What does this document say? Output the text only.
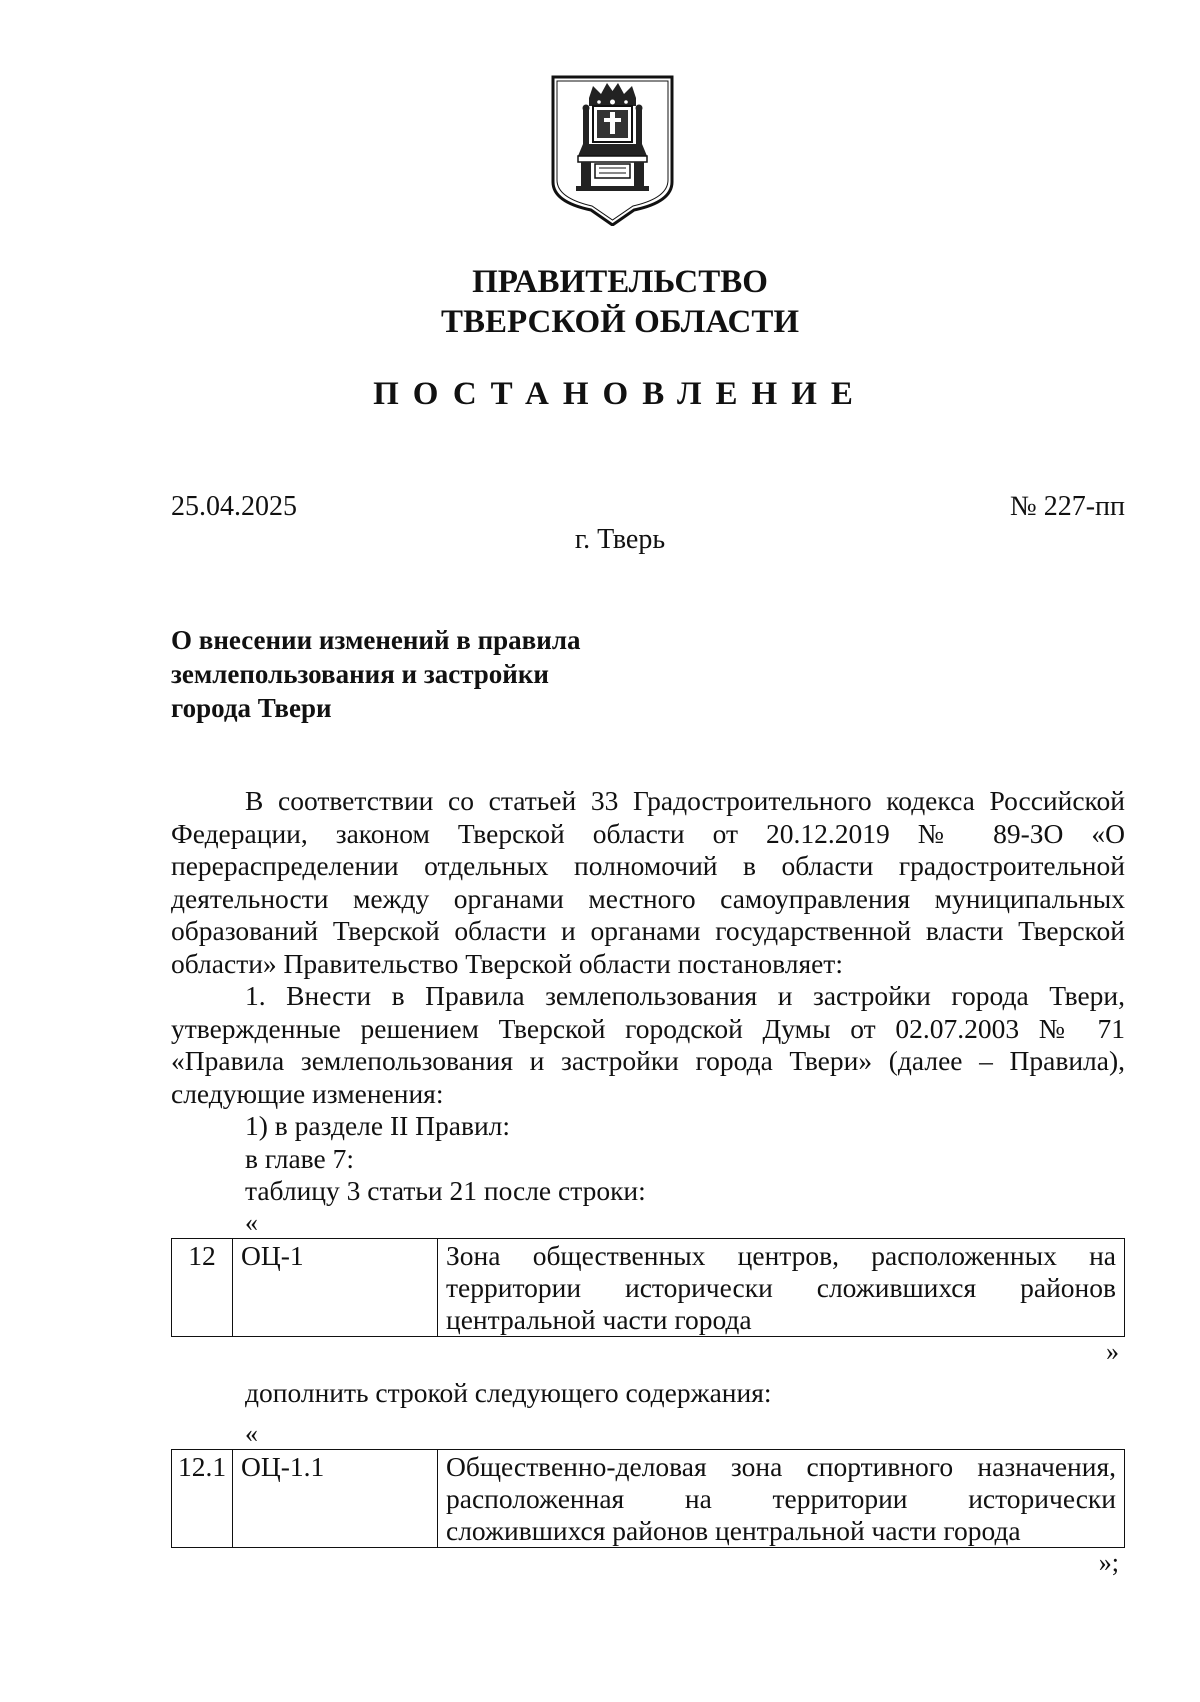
ПРАВИТЕЛЬСТВО
ТВЕРСКОЙ ОБЛАСТИ
ПОСТАНОВЛЕНИЕ
25.04.2025	№ 227-пп
г. Тверь
О внесении изменений в правила
землепользования и застройки
города Твери

В соответствии со статьей 33 Градостроительного кодекса Российской Федерации, законом Тверской области от 20.12.2019 № 89-ЗО «О перераспределении отдельных полномочий в области градостроительной деятельности между органами местного самоуправления муниципальных образований Тверской области и органами государственной власти Тверской области» Правительство Тверской области постановляет:

1. Внести в Правила землепользования и застройки города Твери, утвержденные решением Тверской городской Думы от 02.07.2003 № 71 «Правила землепользования и застройки города Твери» (далее – Правила), следующие изменения:

1) в разделе II Правил:

в главе 7:

таблицу 3 статьи 21 после строки:

«

12	ОЦ-1	Зона общественных центров, расположенных на территории исторически сложившихся районов центральной части города

»

дополнить строкой следующего содержания:

«

12.1	ОЦ-1.1	Общественно-деловая зона спортивного назначения, расположенная на территории исторически сложившихся районов центральной части города

»;
